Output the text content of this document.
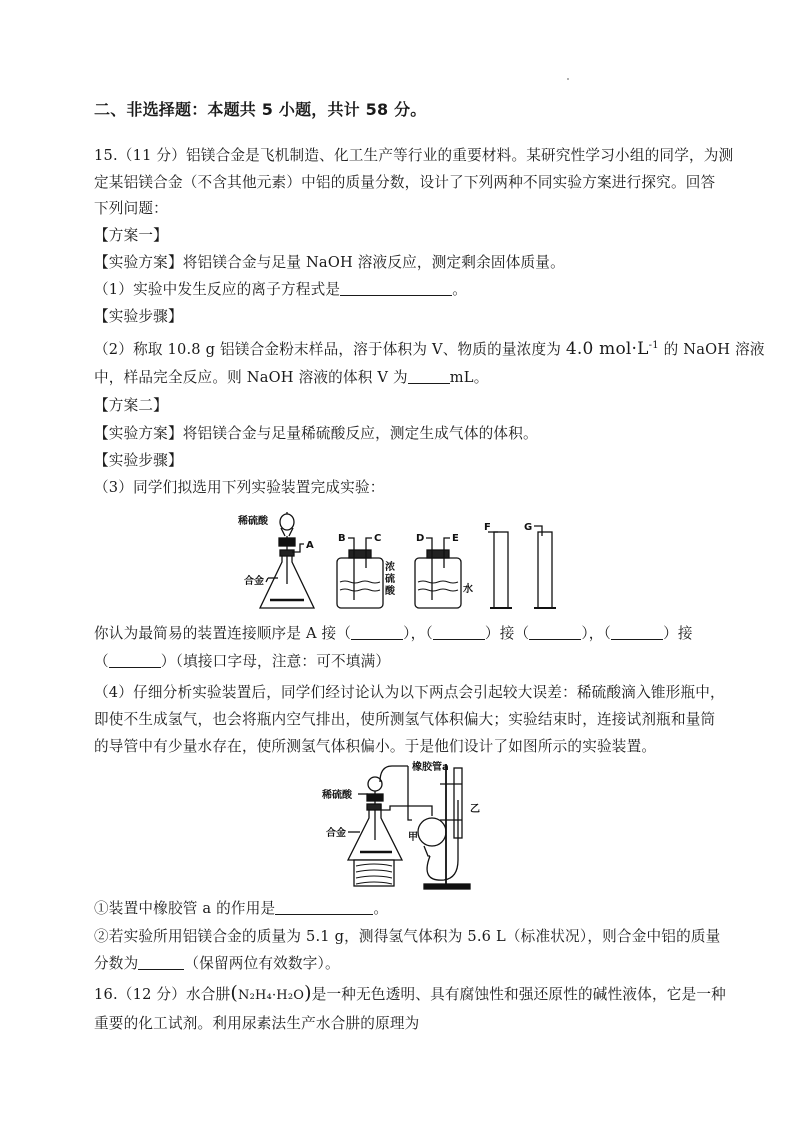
二、非选择题：本题共 5 小题，共计 58 分。
15.（11 分）铝镁合金是飞机制造、化工生产等行业的重要材料。某研究性学习小组的同学，为测
定某铝镁合金（不含其他元素）中铝的质量分数，设计了下列两种不同实验方案进行探究。回答
下列问题：
【方案一】
【实验方案】将铝镁合金与足量 NaOH 溶液反应，测定剩余固体质量。
（1）实验中发生反应的离子方程式是	。
【实验步骤】
（2）称取 10.8 g 铝镁合金粉末样品，溶于体积为 V、物质的量浓度为 4.0 $mol\cdot L^{-1}$ 的 NaOH 溶液
中，样品完全反应。则 NaOH 溶液的体积 V 为	mL。
【方案二】
【实验方案】将铝镁合金与足量稀硫酸反应，测定生成气体的体积。
【实验步骤】
（3）同学们拟选用下列实验装置完成实验：
稀硫酸
A
合金
B	C
浓
硫
酸
D	E
水
F	G
你认为最简易的装置连接顺序是 A 接（	），（	）接（	），（	）接
（	）（填接口字母，注意：可不填满）
（4）仔细分析实验装置后，同学们经讨论认为以下两点会引起较大误差：稀硫酸滴入锥形瓶中，
即使不生成氢气，也会将瓶内空气排出，使所测氢气体积偏大；实验结束时，连接试剂瓶和量筒
的导管中有少量水存在，使所测氢气体积偏小。于是他们设计了如图所示的实验装置。
橡胶管a
稀硫酸
合金	甲
乙
①装置中橡胶管 a 的作用是	。
②若实验所用铝镁合金的质量为 5.1 g，测得氢气体积为 5.6 L（标准状况），则合金中铝的质量
分数为	（保留两位有效数字）。
16.（12 分）水合肼(N₂H₄·H₂O)是一种无色透明、具有腐蚀性和强还原性的碱性液体，它是一种
重要的化工试剂。利用尿素法生产水合肼的原理为
